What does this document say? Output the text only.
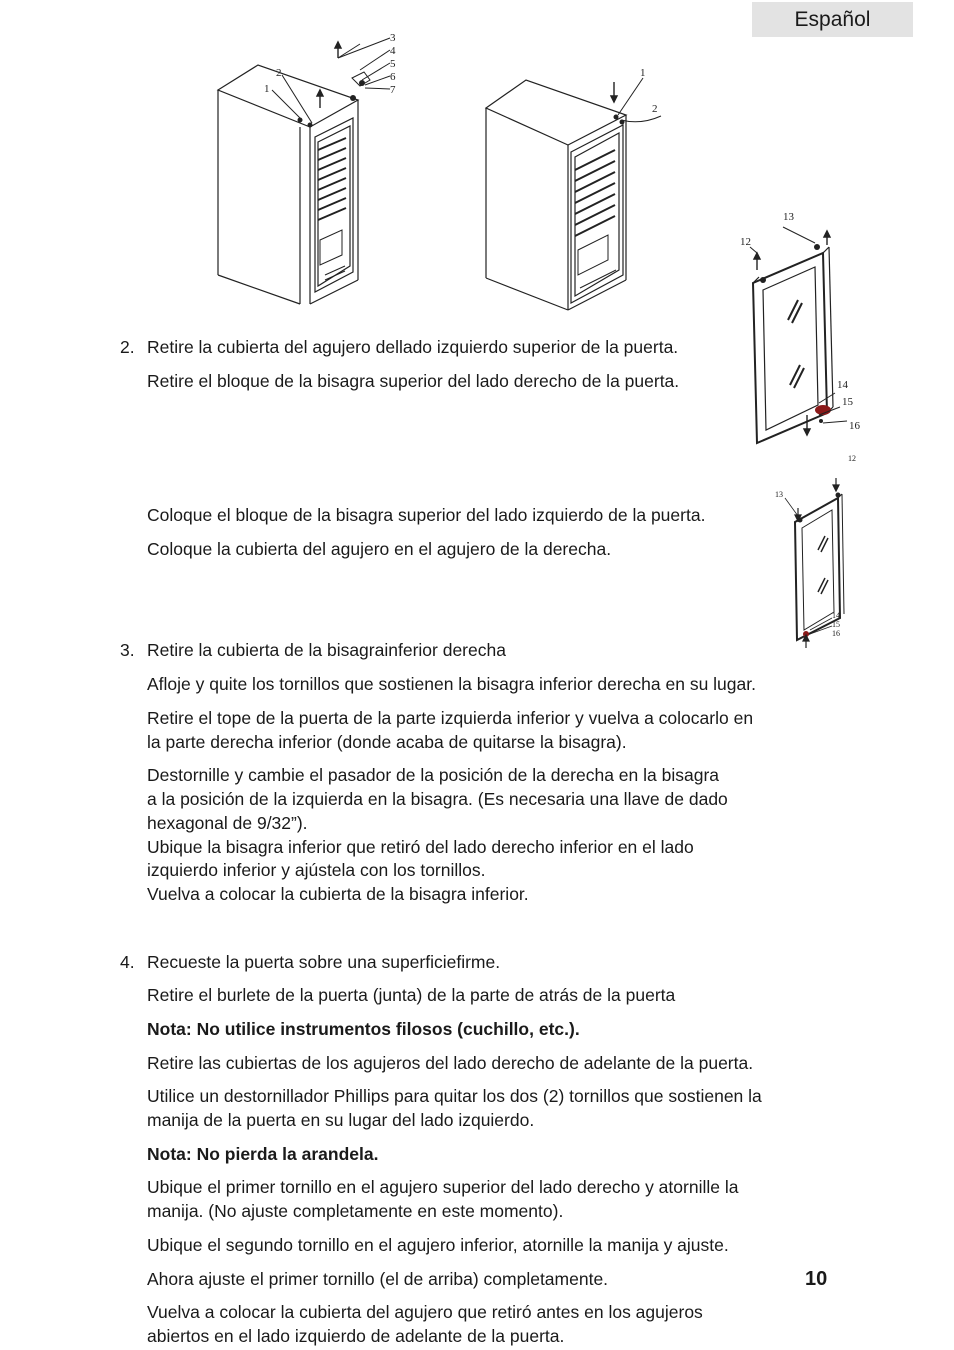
Español
1
2
3
4
5
6
7
1
2
12
13
14
15
16
12
13
14
15
16
2. Retire la cubierta del agujero dellado izquierdo superior de la puerta.

Retire el bloque de la bisagra superior del lado derecho de la puerta.

Coloque el bloque de la bisagra superior del lado izquierdo de la puerta.

Coloque la cubierta del agujero en el agujero de la derecha.

3. Retire la cubierta de la bisagrainferior derecha

Afloje y quite los tornillos que sostienen la bisagra inferior derecha en su lugar.

Retire el tope de la puerta de la parte izquierda inferior y vuelva a colocarlo en

la parte derecha inferior (donde acaba de quitarse la bisagra).

Destornille y cambie el pasador de la posición de la derecha en la bisagra

a la posición de la izquierda en la bisagra. (Es necesaria una llave de dado

hexagonal de 9/32”).

Ubique la bisagra inferior que retiró del lado derecho inferior en el lado

izquierdo inferior y ajústela con los tornillos.

Vuelva a colocar la cubierta de la bisagra inferior.

4. Recueste la puerta sobre una superficiefirme.

Retire el burlete de la puerta (junta) de la parte de atrás de la puerta

Nota: No utilice instrumentos filosos (cuchillo, etc.).

Retire las cubiertas de los agujeros del lado derecho de adelante de la puerta.

Utilice un destornillador Phillips para quitar los dos (2) tornillos que sostienen la

manija de la puerta en su lugar del lado izquierdo.

Nota: No pierda la arandela.

Ubique el primer tornillo en el agujero superior del lado derecho y atornille la

manija. (No ajuste completamente en este momento).

Ubique el segundo tornillo en el agujero inferior, atornille la manija y ajuste.

Ahora ajuste el primer tornillo (el de arriba) completamente.

Vuelva a colocar la cubierta del agujero que retiró antes en los agujeros

abiertos en el lado izquierdo de adelante de la puerta.

10
